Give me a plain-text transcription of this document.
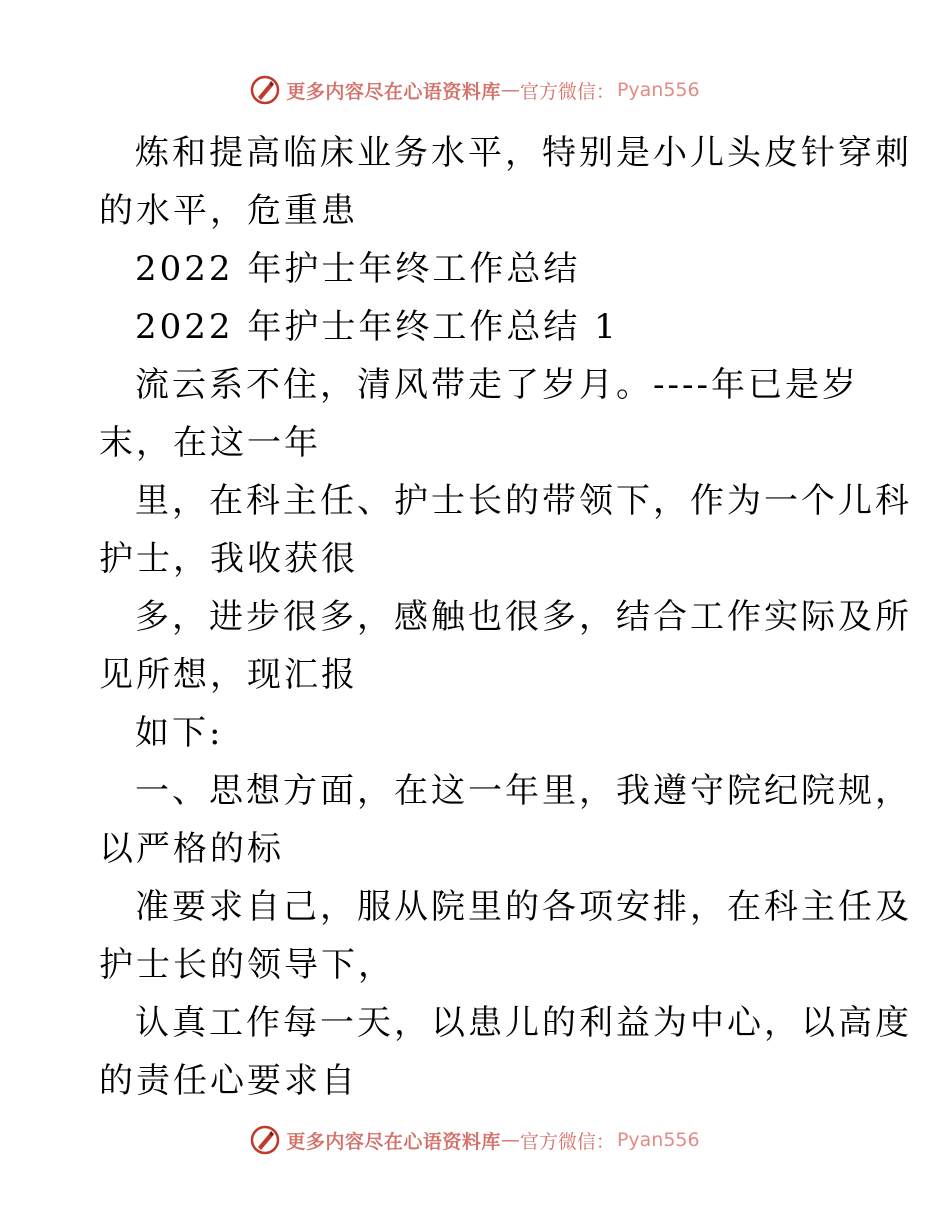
更多内容尽在心语资料库 — 官方微信： Pyan556
炼和提高临床业务水平，特别是小儿头皮针穿刺
的水平，危重患
2022 年护士年终工作总结
2022 年护士年终工作总结 1
流云系不住，清风带走了岁月。----年已是岁
末，在这一年
里，在科主任、护士长的带领下，作为一个儿科
护士，我收获很
多，进步很多，感触也很多，结合工作实际及所
见所想，现汇报
如下:
一、思想方面，在这一年里，我遵守院纪院规，
以严格的标
准要求自己，服从院里的各项安排，在科主任及
护士长的领导下，
认真工作每一天，以患儿的利益为中心，以高度
的责任心要求自
更多内容尽在心语资料库 — 官方微信： Pyan556
